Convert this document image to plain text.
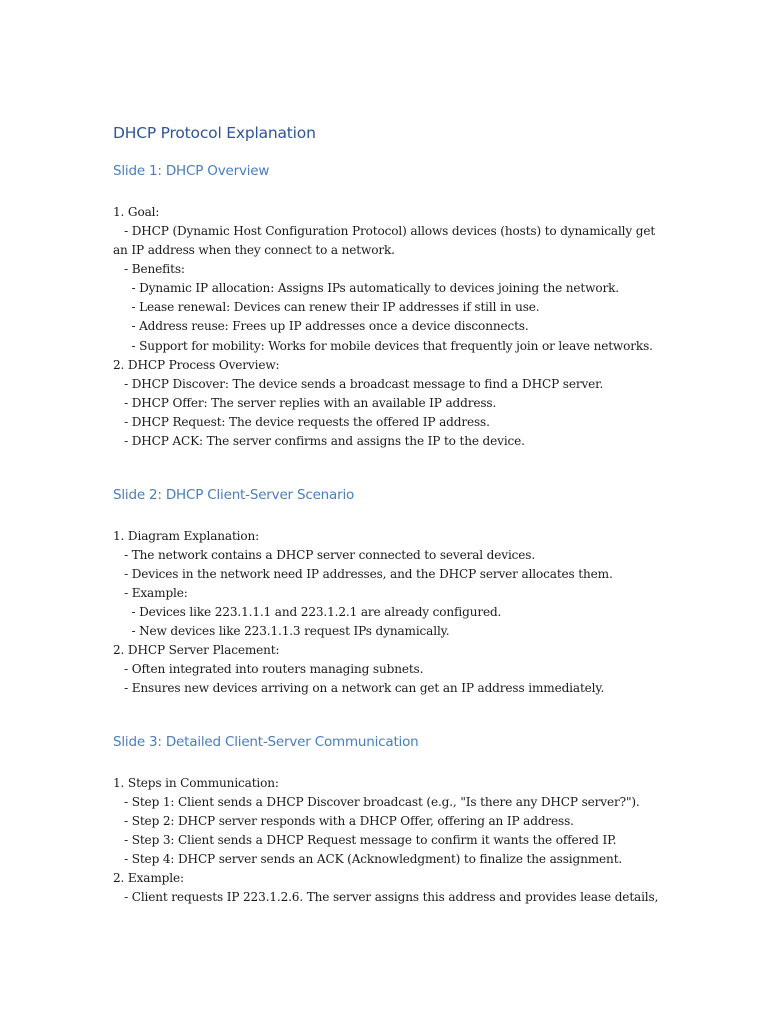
DHCP Protocol Explanation
Slide 1: DHCP Overview
1. Goal:
- DHCP (Dynamic Host Configuration Protocol) allows devices (hosts) to dynamically get
an IP address when they connect to a network.
- Benefits:
- Dynamic IP allocation: Assigns IPs automatically to devices joining the network.
- Lease renewal: Devices can renew their IP addresses if still in use.
- Address reuse: Frees up IP addresses once a device disconnects.
- Support for mobility: Works for mobile devices that frequently join or leave networks.
2. DHCP Process Overview:
- DHCP Discover: The device sends a broadcast message to find a DHCP server.
- DHCP Offer: The server replies with an available IP address.
- DHCP Request: The device requests the offered IP address.
- DHCP ACK: The server confirms and assigns the IP to the device.
Slide 2: DHCP Client-Server Scenario
1. Diagram Explanation:
- The network contains a DHCP server connected to several devices.
- Devices in the network need IP addresses, and the DHCP server allocates them.
- Example:
- Devices like 223.1.1.1 and 223.1.2.1 are already configured.
- New devices like 223.1.1.3 request IPs dynamically.
2. DHCP Server Placement:
- Often integrated into routers managing subnets.
- Ensures new devices arriving on a network can get an IP address immediately.
Slide 3: Detailed Client-Server Communication
1. Steps in Communication:
- Step 1: Client sends a DHCP Discover broadcast (e.g., "Is there any DHCP server?").
- Step 2: DHCP server responds with a DHCP Offer, offering an IP address.
- Step 3: Client sends a DHCP Request message to confirm it wants the offered IP.
- Step 4: DHCP server sends an ACK (Acknowledgment) to finalize the assignment.
2. Example:
- Client requests IP 223.1.2.6. The server assigns this address and provides lease details,
